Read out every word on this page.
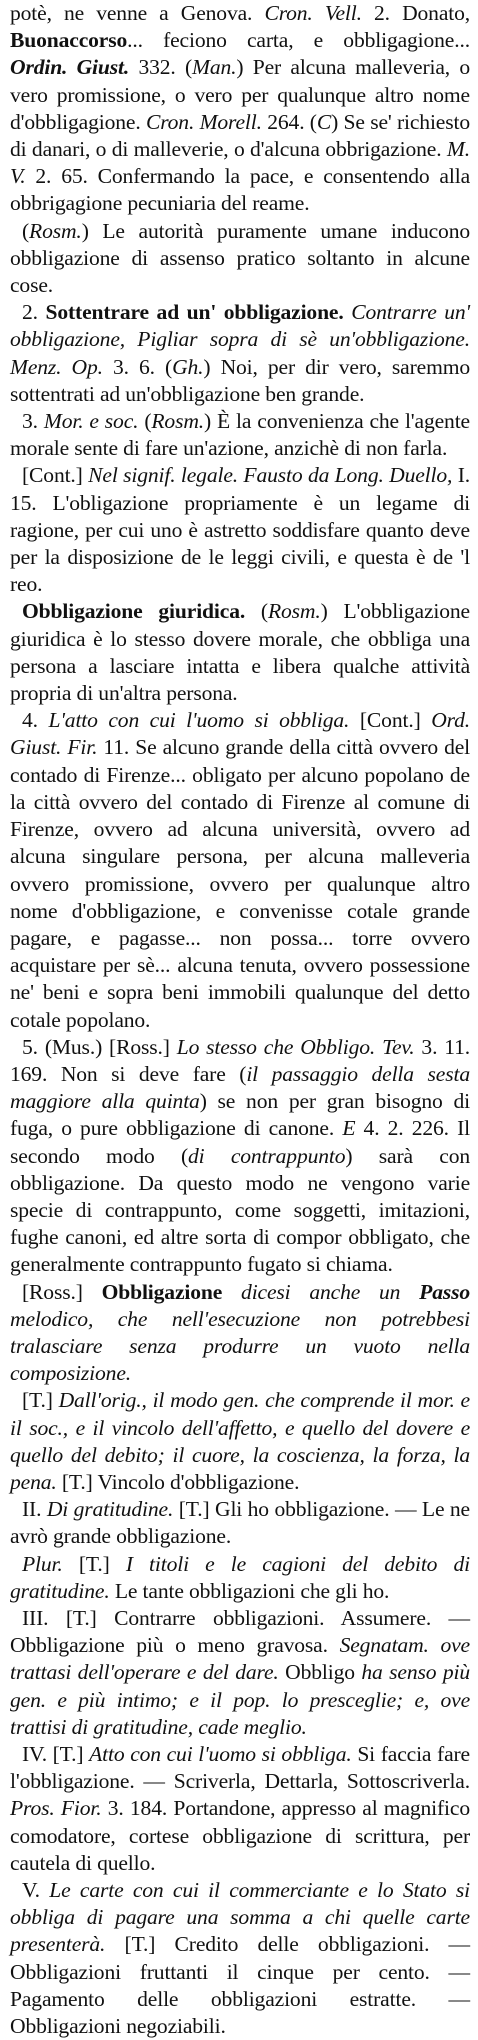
potè, ne venne a Genova. Cron. Vell. 2. Donato, Buonaccorso... feciono carta, e obbligagione... Ordin. Giust. 332. (Man.) Per alcuna malleveria, o vero promissione, o vero per qualunque altro nome d'obbligagione. Cron. Morell. 264. (C) Se se' richiesto di danari, o di malleverie, o d'alcuna obbrigazione. M. V. 2. 65. Confermando la pace, e consentendo alla obbrigagione pecuniaria del reame.

(Rosm.) Le autorità puramente umane inducono obbligazione di assenso pratico soltanto in alcune cose.

2. Sottentrare ad un' obbligazione. Contrarre un' obbligazione, Pigliar sopra di sè un'obbligazione. Menz. Op. 3. 6. (Gh.) Noi, per dir vero, saremmo sottentrati ad un'obbligazione ben grande.

3. Mor. e soc. (Rosm.) È la convenienza che l'agente morale sente di fare un'azione, anzichè di non farla.

[Cont.] Nel signif. legale. Fausto da Long. Duello, I. 15. L'obligazione propriamente è un legame di ragione, per cui uno è astretto soddisfare quanto deve per la disposizione de le leggi civili, e questa è de 'l reo.

Obbligazione giuridica. (Rosm.) L'obbligazione giuridica è lo stesso dovere morale, che obbliga una persona a lasciare intatta e libera qualche attività propria di un'altra persona.

4. L'atto con cui l'uomo si obbliga. [Cont.] Ord. Giust. Fir. 11. Se alcuno grande della città ovvero del contado di Firenze... obligato per alcuno popolano de la città ovvero del contado di Firenze al comune di Firenze, ovvero ad alcuna università, ovvero ad alcuna singulare persona, per alcuna malleveria ovvero promissione, ovvero per qualunque altro nome d'obbligazione, e convenisse cotale grande pagare, e pagasse... non possa... torre ovvero acquistare per sè... alcuna tenuta, ovvero possessione ne' beni e sopra beni immobili qualunque del detto cotale popolano.

5. (Mus.) [Ross.] Lo stesso che Obbligo. Tev. 3. 11. 169. Non si deve fare (il passaggio della sesta maggiore alla quinta) se non per gran bisogno di fuga, o pure obbligazione di canone. E 4. 2. 226. Il secondo modo (di contrappunto) sarà con obbligazione. Da questo modo ne vengono varie specie di contrappunto, come soggetti, imitazioni, fughe canoni, ed altre sorta di compor obbligato, che generalmente contrappunto fugato si chiama.

[Ross.] Obbligazione dicesi anche un Passo melodico, che nell'esecuzione non potrebbesi tralasciare senza produrre un vuoto nella composizione.

[T.] Dall'orig., il modo gen. che comprende il mor. e il soc., e il vincolo dell'affetto, e quello del dovere e quello del debito; il cuore, la coscienza, la forza, la pena. [T.] Vincolo d'obbligazione.

II. Di gratitudine. [T.] Gli ho obbligazione. — Le ne avrò grande obbligazione.

Plur. [T.] I titoli e le cagioni del debito di gratitudine. Le tante obbligazioni che gli ho.

III. [T.] Contrarre obbligazioni. Assumere. — Obbligazione più o meno gravosa. Segnatam. ove trattasi dell'operare e del dare. Obbligo ha senso più gen. e più intimo; e il pop. lo presceglie; e, ove trattisi di gratitudine, cade meglio.

IV. [T.] Atto con cui l'uomo si obbliga. Si faccia fare l'obbligazione. — Scriverla, Dettarla, Sottoscriverla. Pros. Fior. 3. 184. Portandone, appresso al magnifico comodatore, cortese obbligazione di scrittura, per cautela di quello.

V. Le carte con cui il commerciante e lo Stato si obbliga di pagare una somma a chi quelle carte presenterà. [T.] Credito delle obbligazioni. — Obbligazioni fruttanti il cinque per cento. — Pagamento delle obbligazioni estratte. — Obbligazioni negoziabili.
